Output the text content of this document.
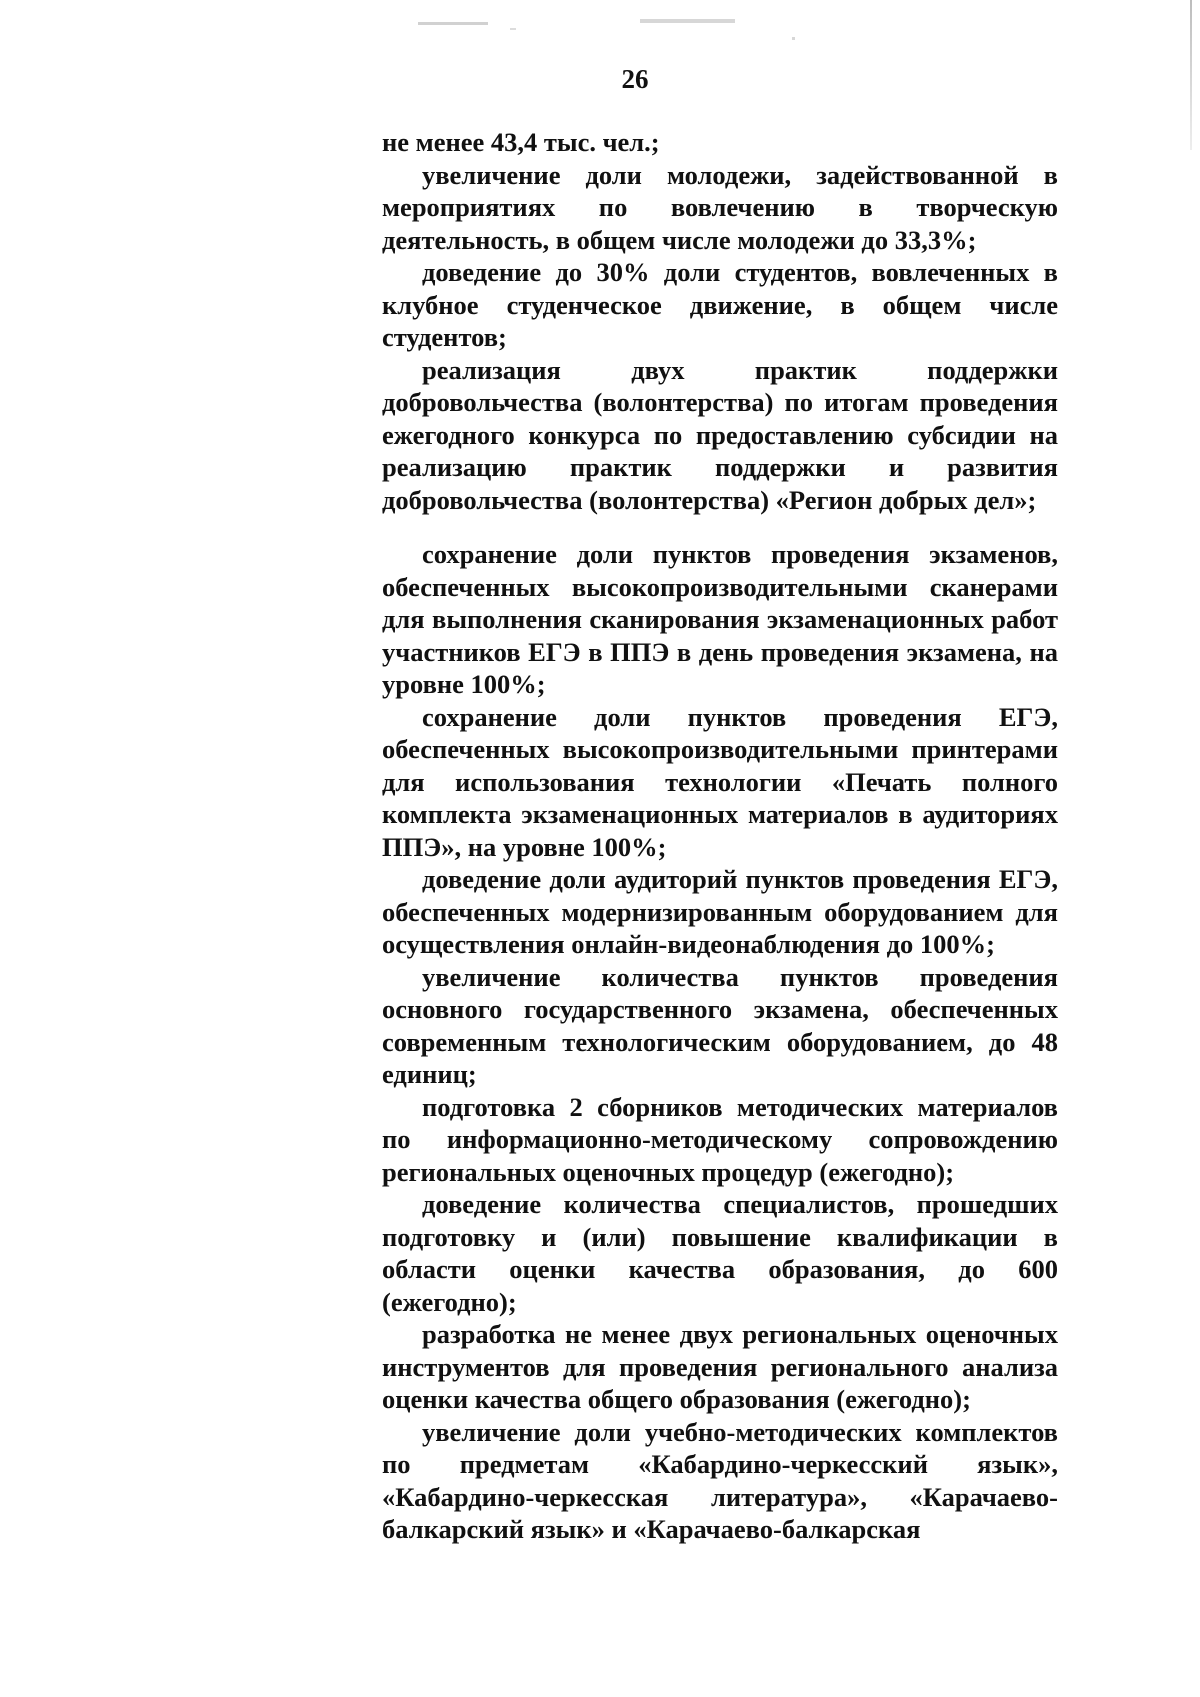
26

не менее 43,4 тыс. чел.;

увеличение доли молодежи, задействованной в мероприятиях по вовлечению в творческую деятельность, в общем числе молодежи до 33,3%;

доведение до 30% доли студентов, вовлеченных в клубное студенческое движение, в общем числе студентов;

реализация двух практик поддержки добровольчества (волонтерства) по итогам проведения ежегодного конкурса по предоставлению субсидии на реализацию практик поддержки и развития добровольчества (волонтерства) «Регион добрых дел»;

сохранение доли пунктов проведения экзаменов, обеспеченных высокопроизводительными сканерами для выполнения сканирования экзаменационных работ участников ЕГЭ в ППЭ в день проведения экзамена, на уровне 100%;

сохранение доли пунктов проведения ЕГЭ, обеспеченных высокопроизводительными принтерами для использования технологии «Печать полного комплекта экзаменационных материалов в аудиториях ППЭ», на уровне 100%;

доведение доли аудиторий пунктов проведения ЕГЭ, обеспеченных модернизированным оборудованием для осуществления онлайн-видеонаблюдения до 100%;

увеличение количества пунктов проведения основного государственного экзамена, обеспеченных современным технологическим оборудованием, до 48 единиц;

подготовка 2 сборников методических материалов по информационно-методическому сопровождению региональных оценочных процедур (ежегодно);

доведение количества специалистов, прошедших подготовку и (или) повышение квалификации в области оценки качества образования, до 600 (ежегодно);

разработка не менее двух региональных оценочных инструментов для проведения регионального анализа оценки качества общего образования (ежегодно);

увеличение доли учебно-методических комплектов по предметам «Кабардино-черкесский язык», «Кабардино-черкесская литература», «Карачаево-балкарский язык» и «Карачаево-балкарская
